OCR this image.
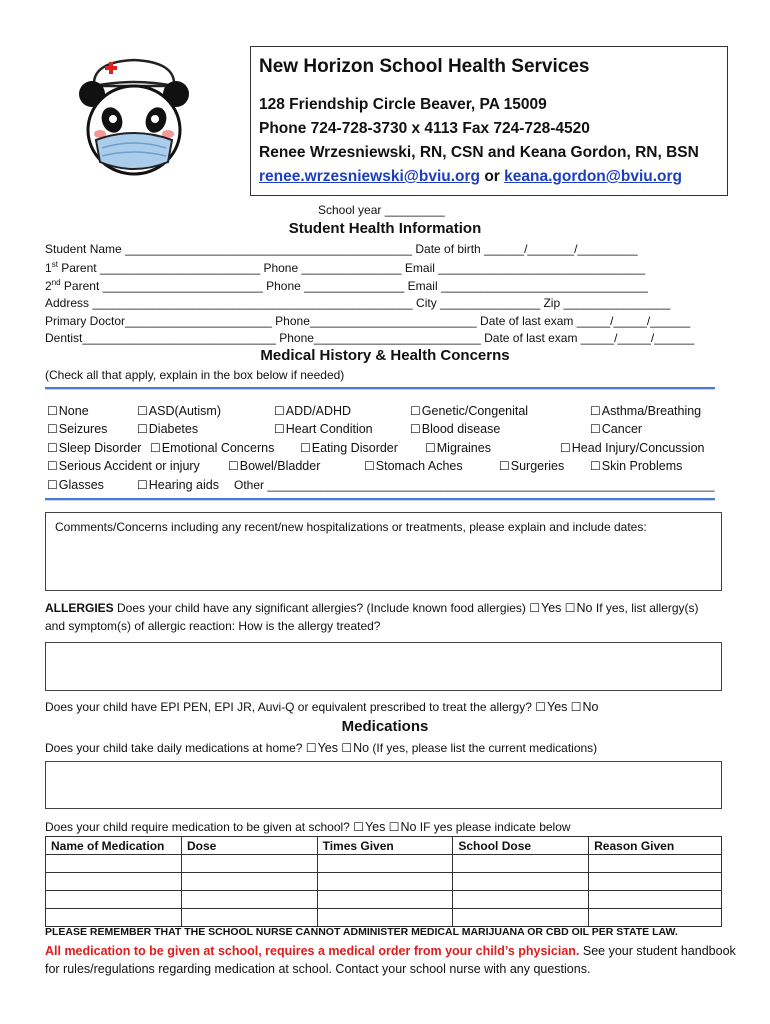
New Horizon School Health Services
128 Friendship Circle Beaver, PA 15009
Phone 724-728-3730 x 4113 Fax 724-728-4520
Renee Wrzesniewski, RN, CSN and Keana Gordon, RN, BSN
renee.wrzesniewski@bviu.org or keana.gordon@bviu.org
School year _________
Student Health Information
Student Name ___________________________________________ Date of birth ______/_______/_________
1st Parent ________________________ Phone _______________ Email _______________________________
2nd Parent ________________________ Phone _______________ Email _______________________________
Address ________________________________________________ City _______________ Zip ________________
Primary Doctor______________________ Phone_________________________ Date of last exam _____/_____/______
Dentist_____________________________ Phone_________________________ Date of last exam _____/_____/______
Medical History & Health Concerns
(Check all that apply, explain in the box below if needed)
☐ None	☐ ASD(Autism)	☐ ADD/ADHD	☐ Genetic/Congenital	☐ Asthma/Breathing
☐ Seizures	☐ Diabetes	☐ Heart Condition	☐ Blood disease	☐ Cancer
☐ Sleep Disorder	☐ Emotional Concerns	☐ Eating Disorder	☐ Migraines	☐ Head Injury/Concussion
☐ Serious Accident or injury	☐ Bowel/Bladder	☐ Stomach Aches	☐ Surgeries	☐ Skin Problems
☐ Glasses	☐ Hearing aids Other ___________________________________________________________________
Comments/Concerns including any recent/new hospitalizations or treatments, please explain and include dates:
ALLERGIES Does your child have any significant allergies? (Include known food allergies) ☐ Yes ☐ No If yes, list allergy(s)
and symptom(s) of allergic reaction: How is the allergy treated?
Does your child have EPI PEN, EPI JR, Auvi-Q or equivalent prescribed to treat the allergy? ☐ Yes ☐ No
Medications
Does your child take daily medications at home? ☐ Yes ☐ No (If yes, please list the current medications)
Does your child require medication to be given at school? ☐ Yes ☐ No IF yes please indicate below
Name of Medication	Dose	Times Given	School Dose	Reason Given

PLEASE REMEMBER THAT THE SCHOOL NURSE CANNOT ADMINISTER MEDICAL MARIJUANA OR CBD OIL PER STATE LAW.
All medication to be given at school, requires a medical order from your child’s physician. See your student handbook
for rules/regulations regarding medication at school. Contact your school nurse with any questions.
